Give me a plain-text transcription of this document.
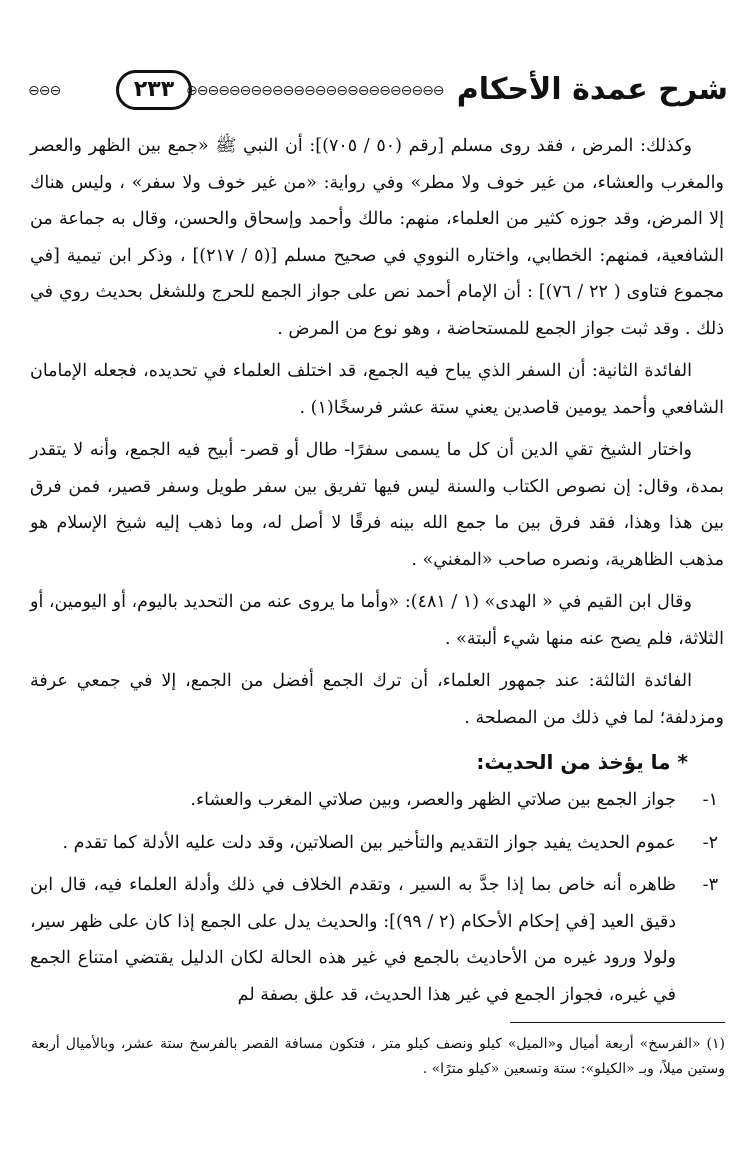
⊖⊖⊖	٢٣٣ ⊖⊖⊖⊖⊖⊖⊖⊖⊖⊖⊖⊖⊖⊖⊖⊖⊖⊖⊖⊖⊖⊖⊖⊖ شرح عمدة الأحكام

وكذلك: المرض ، فقد روى مسلم [رقم (٥٠ / ٧٠٥)]: أن النبي ﷺ «جمع بين الظهر والعصر والمغرب والعشاء، من غير خوف ولا مطر» وفي رواية: «من غير خوف ولا سفر» ، وليس هناك إلا المرض، وقد جوزه كثير من العلماء، منهم: مالك وأحمد وإسحاق والحسن، وقال به جماعة من الشافعية، فمنهم: الخطابي، واختاره النووي في صحيح مسلم [(٥ / ٢١٧)] ، وذكر ابن تيمية [في مجموع فتاوى ( ٢٢ / ٧٦)] : أن الإمام أحمد نص على جواز الجمع للحرج وللشغل بحديث روي في ذلك . وقد ثبت جواز الجمع للمستحاضة ، وهو نوع من المرض .

الفائدة الثانية: أن السفر الذي يباح فيه الجمع، قد اختلف العلماء في تحديده، فجعله الإمامان الشافعي وأحمد يومين قاصدين يعني ستة عشر فرسخًا(١) .

واختار الشيخ تقي الدين أن كل ما يسمى سفرًا- طال أو قصر- أبيح فيه الجمع، وأنه لا يتقدر بمدة، وقال: إن نصوص الكتاب والسنة ليس فيها تفريق بين سفر طويل وسفر قصير، فمن فرق بين هذا وهذا، فقد فرق بين ما جمع الله بينه فرقًا لا أصل له، وما ذهب إليه شيخ الإسلام هو مذهب الظاهرية، ونصره صاحب «المغني» .

وقال ابن القيم في « الهدى» (١ / ٤٨١): «وأما ما يروى عنه من التحديد باليوم، أو اليومين، أو الثلاثة، فلم يصح عنه منها شيء ألبتة» .

الفائدة الثالثة: عند جمهور العلماء، أن ترك الجمع أفضل من الجمع، إلا في جمعي عرفة ومزدلفة؛ لما في ذلك من المصلحة .

* ما يؤخذ من الحديث:
١-
جواز الجمع بين صلاتي الظهر والعصر، وبين صلاتي المغرب والعشاء.
٢-
عموم الحديث يفيد جواز التقديم والتأخير بين الصلاتين، وقد دلت عليه الأدلة كما تقدم .
٣-
ظاهره أنه خاص بما إذا جدَّ به السير ، وتقدم الخلاف في ذلك وأدلة العلماء فيه، قال ابن دقيق العيد [في إحكام الأحكام (٢ / ٩٩)]: والحديث يدل على الجمع إذا كان على ظهر سير، ولولا ورود غيره من الأحاديث بالجمع في غير هذه الحالة لكان الدليل يقتضي امتناع الجمع في غيره، فجواز الجمع في غير هذا الحديث، قد علق بصفة لم
(١) «الفرسخ» أربعة أميال و«الميل» كيلو ونصف كيلو متر ، فتكون مسافة القصر بالفرسخ ستة عشر، وبالأميال أربعة وستين ميلاً، وبـ «الكيلو»: ستة وتسعين «كيلو مترًا» .
